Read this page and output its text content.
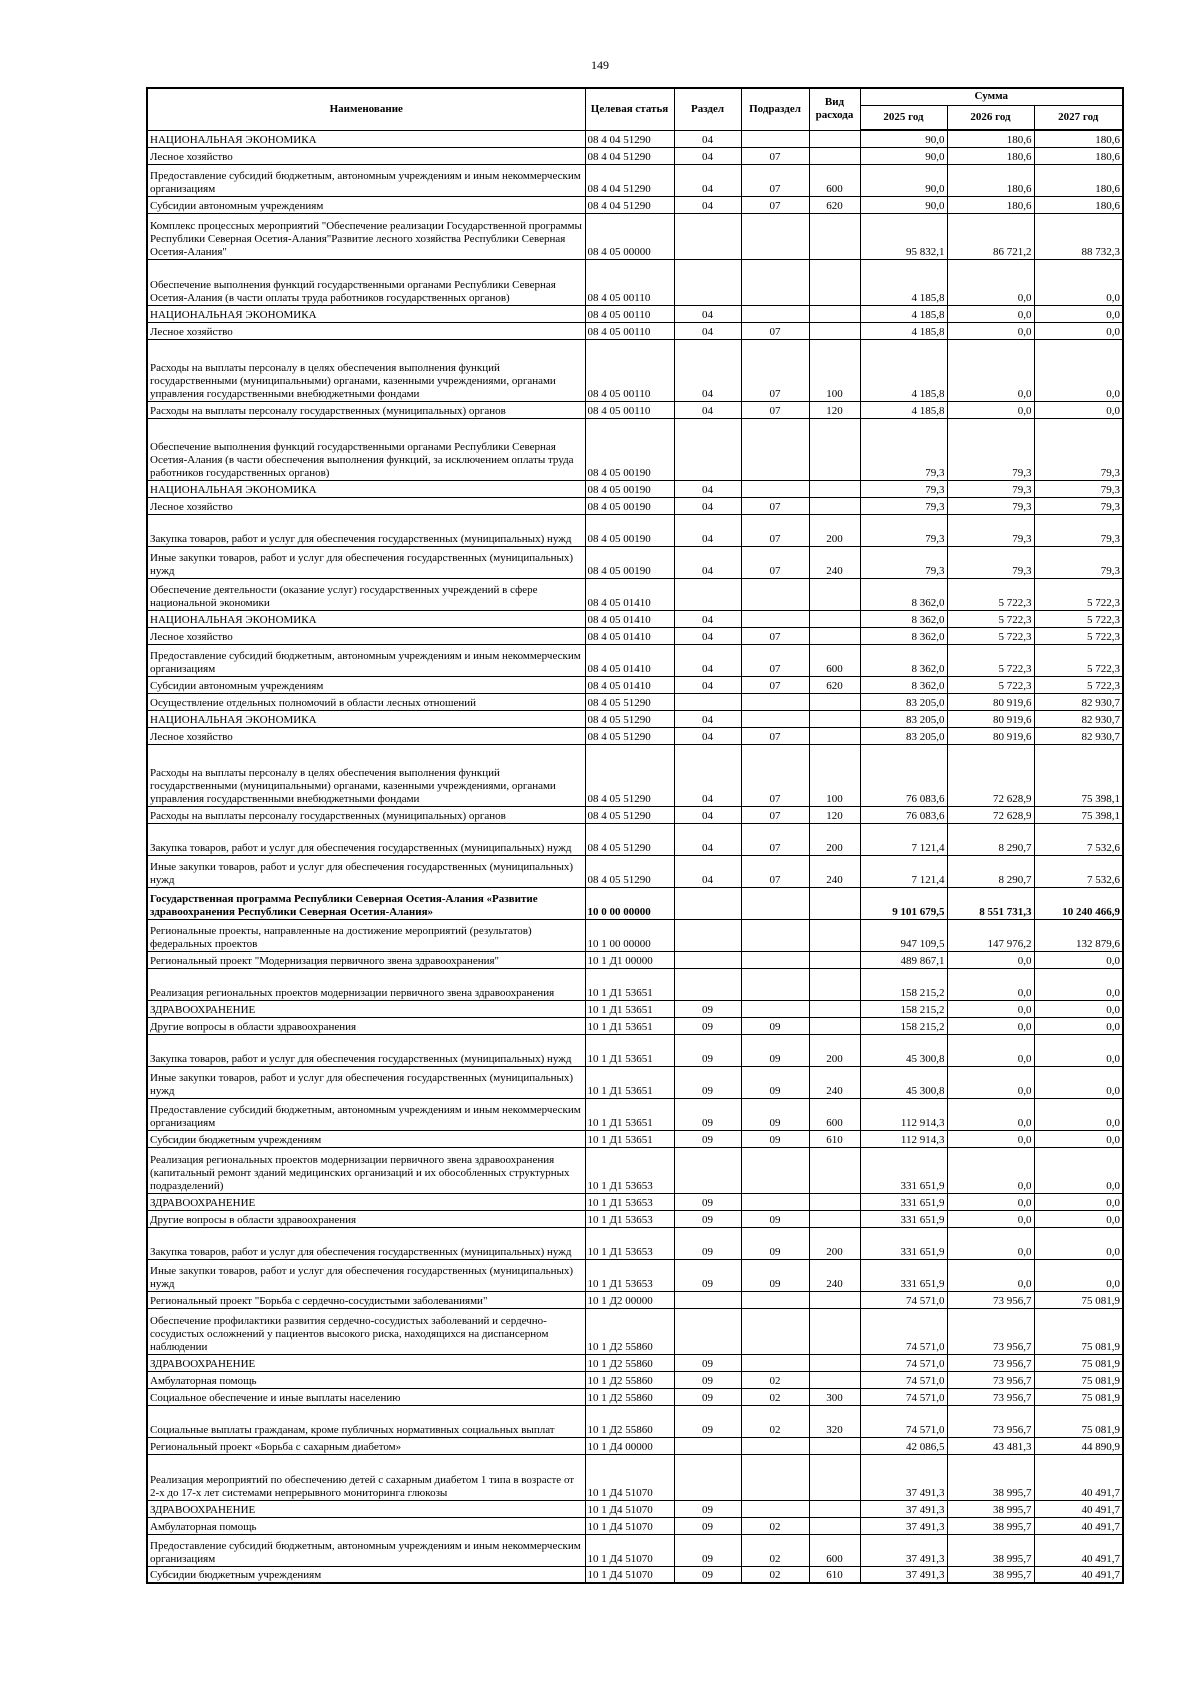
149
Наименование	Целевая статья	Раздел	Подраздел	Вид расхода	Сумма		
					2025 год	2026 год	2027 год
НАЦИОНАЛЬНАЯ ЭКОНОМИКА	08 4 04 51290	04			90,0	180,6	180,6
Лесное хозяйство	08 4 04 51290	04	07		90,0	180,6	180,6
Предоставление субсидий бюджетным, автономным учреждениям и иным некоммерческим организациям	08 4 04 51290	04	07	600	90,0	180,6	180,6
Субсидии автономным учреждениям	08 4 04 51290	04	07	620	90,0	180,6	180,6
Комплекс процессных мероприятий "Обеспечение реализации Государственной программы Республики Северная Осетия-Алания"Развитие лесного хозяйства Республики Северная Осетия-Алания"	08 4 05 00000				95 832,1	86 721,2	88 732,3
Обеспечение выполнения функций государственными органами Республики Северная Осетия-Алания (в части оплаты труда работников государственных органов)	08 4 05 00110				4 185,8	0,0	0,0
НАЦИОНАЛЬНАЯ ЭКОНОМИКА	08 4 05 00110	04			4 185,8	0,0	0,0
Лесное хозяйство	08 4 05 00110	04	07		4 185,8	0,0	0,0
Расходы на выплаты персоналу в целях обеспечения выполнения функций государственными (муниципальными) органами, казенными учреждениями, органами управления государственными внебюджетными фондами	08 4 05 00110	04	07	100	4 185,8	0,0	0,0
Расходы на выплаты персоналу государственных (муниципальных) органов	08 4 05 00110	04	07	120	4 185,8	0,0	0,0
Обеспечение выполнения функций государственными органами Республики Северная Осетия-Алания (в части обеспечения выполнения функций, за исключением оплаты труда работников государственных органов)	08 4 05 00190				79,3	79,3	79,3
НАЦИОНАЛЬНАЯ ЭКОНОМИКА	08 4 05 00190	04			79,3	79,3	79,3
Лесное хозяйство	08 4 05 00190	04	07		79,3	79,3	79,3
Закупка товаров, работ и услуг для обеспечения государственных (муниципальных) нужд	08 4 05 00190	04	07	200	79,3	79,3	79,3
Иные закупки товаров, работ и услуг для обеспечения государственных (муниципальных) нужд	08 4 05 00190	04	07	240	79,3	79,3	79,3
Обеспечение деятельности (оказание услуг) государственных учреждений в сфере национальной экономики	08 4 05 01410				8 362,0	5 722,3	5 722,3
НАЦИОНАЛЬНАЯ ЭКОНОМИКА	08 4 05 01410	04			8 362,0	5 722,3	5 722,3
Лесное хозяйство	08 4 05 01410	04	07		8 362,0	5 722,3	5 722,3
Предоставление субсидий бюджетным, автономным учреждениям и иным некоммерческим организациям	08 4 05 01410	04	07	600	8 362,0	5 722,3	5 722,3
Субсидии автономным учреждениям	08 4 05 01410	04	07	620	8 362,0	5 722,3	5 722,3
Осуществление отдельных полномочий в области лесных отношений	08 4 05 51290				83 205,0	80 919,6	82 930,7
НАЦИОНАЛЬНАЯ ЭКОНОМИКА	08 4 05 51290	04			83 205,0	80 919,6	82 930,7
Лесное хозяйство	08 4 05 51290	04	07		83 205,0	80 919,6	82 930,7
Расходы на выплаты персоналу в целях обеспечения выполнения функций государственными (муниципальными) органами, казенными учреждениями, органами управления государственными внебюджетными фондами	08 4 05 51290	04	07	100	76 083,6	72 628,9	75 398,1
Расходы на выплаты персоналу государственных (муниципальных) органов	08 4 05 51290	04	07	120	76 083,6	72 628,9	75 398,1
Закупка товаров, работ и услуг для обеспечения государственных (муниципальных) нужд	08 4 05 51290	04	07	200	7 121,4	8 290,7	7 532,6
Иные закупки товаров, работ и услуг для обеспечения государственных (муниципальных) нужд	08 4 05 51290	04	07	240	7 121,4	8 290,7	7 532,6
Государственная программа Республики Северная Осетия-Алания «Развитие здравоохранения Республики Северная Осетия-Алания»	10 0 00 00000				9 101 679,5	8 551 731,3	10 240 466,9
Региональные проекты, направленные на достижение мероприятий (результатов) федеральных проектов	10 1 00 00000				947 109,5	147 976,2	132 879,6
Региональный проект "Модернизация первичного звена здравоохранения"	10 1 Д1 00000				489 867,1	0,0	0,0
Реализация региональных проектов модернизации первичного звена здравоохранения	10 1 Д1 53651				158 215,2	0,0	0,0
ЗДРАВООХРАНЕНИЕ	10 1 Д1 53651	09			158 215,2	0,0	0,0
Другие вопросы в области здравоохранения	10 1 Д1 53651	09	09		158 215,2	0,0	0,0
Закупка товаров, работ и услуг для обеспечения государственных (муниципальных) нужд	10 1 Д1 53651	09	09	200	45 300,8	0,0	0,0
Иные закупки товаров, работ и услуг для обеспечения государственных (муниципальных) нужд	10 1 Д1 53651	09	09	240	45 300,8	0,0	0,0
Предоставление субсидий бюджетным, автономным учреждениям и иным некоммерческим организациям	10 1 Д1 53651	09	09	600	112 914,3	0,0	0,0
Субсидии бюджетным учреждениям	10 1 Д1 53651	09	09	610	112 914,3	0,0	0,0
Реализация региональных проектов модернизации первичного звена здравоохранения (капитальный ремонт зданий медицинских организаций и их обособленных структурных подразделений)	10 1 Д1 53653				331 651,9	0,0	0,0
ЗДРАВООХРАНЕНИЕ	10 1 Д1 53653	09			331 651,9	0,0	0,0
Другие вопросы в области здравоохранения	10 1 Д1 53653	09	09		331 651,9	0,0	0,0
Закупка товаров, работ и услуг для обеспечения государственных (муниципальных) нужд	10 1 Д1 53653	09	09	200	331 651,9	0,0	0,0
Иные закупки товаров, работ и услуг для обеспечения государственных (муниципальных) нужд	10 1 Д1 53653	09	09	240	331 651,9	0,0	0,0
Региональный проект "Борьба с сердечно-сосудистыми заболеваниями"	10 1 Д2 00000				74 571,0	73 956,7	75 081,9
Обеспечение профилактики развития сердечно-сосудистых заболеваний и сердечно-сосудистых осложнений у пациентов высокого риска, находящихся на диспансерном наблюдении	10 1 Д2 55860				74 571,0	73 956,7	75 081,9
ЗДРАВООХРАНЕНИЕ	10 1 Д2 55860	09			74 571,0	73 956,7	75 081,9
Амбулаторная помощь	10 1 Д2 55860	09	02		74 571,0	73 956,7	75 081,9
Социальное обеспечение и иные выплаты населению	10 1 Д2 55860	09	02	300	74 571,0	73 956,7	75 081,9
Социальные выплаты гражданам, кроме публичных нормативных социальных выплат	10 1 Д2 55860	09	02	320	74 571,0	73 956,7	75 081,9
Региональный проект «Борьба с сахарным диабетом»	10 1 Д4 00000				42 086,5	43 481,3	44 890,9
Реализация мероприятий по обеспечению детей с сахарным диабетом 1 типа в возрасте от 2-х до 17-х лет системами непрерывного мониторинга глюкозы	10 1 Д4 51070				37 491,3	38 995,7	40 491,7
ЗДРАВООХРАНЕНИЕ	10 1 Д4 51070	09			37 491,3	38 995,7	40 491,7
Амбулаторная помощь	10 1 Д4 51070	09	02		37 491,3	38 995,7	40 491,7
Предоставление субсидий бюджетным, автономным учреждениям и иным некоммерческим организациям	10 1 Д4 51070	09	02	600	37 491,3	38 995,7	40 491,7
Субсидии бюджетным учреждениям	10 1 Д4 51070	09	02	610	37 491,3	38 995,7	40 491,7
